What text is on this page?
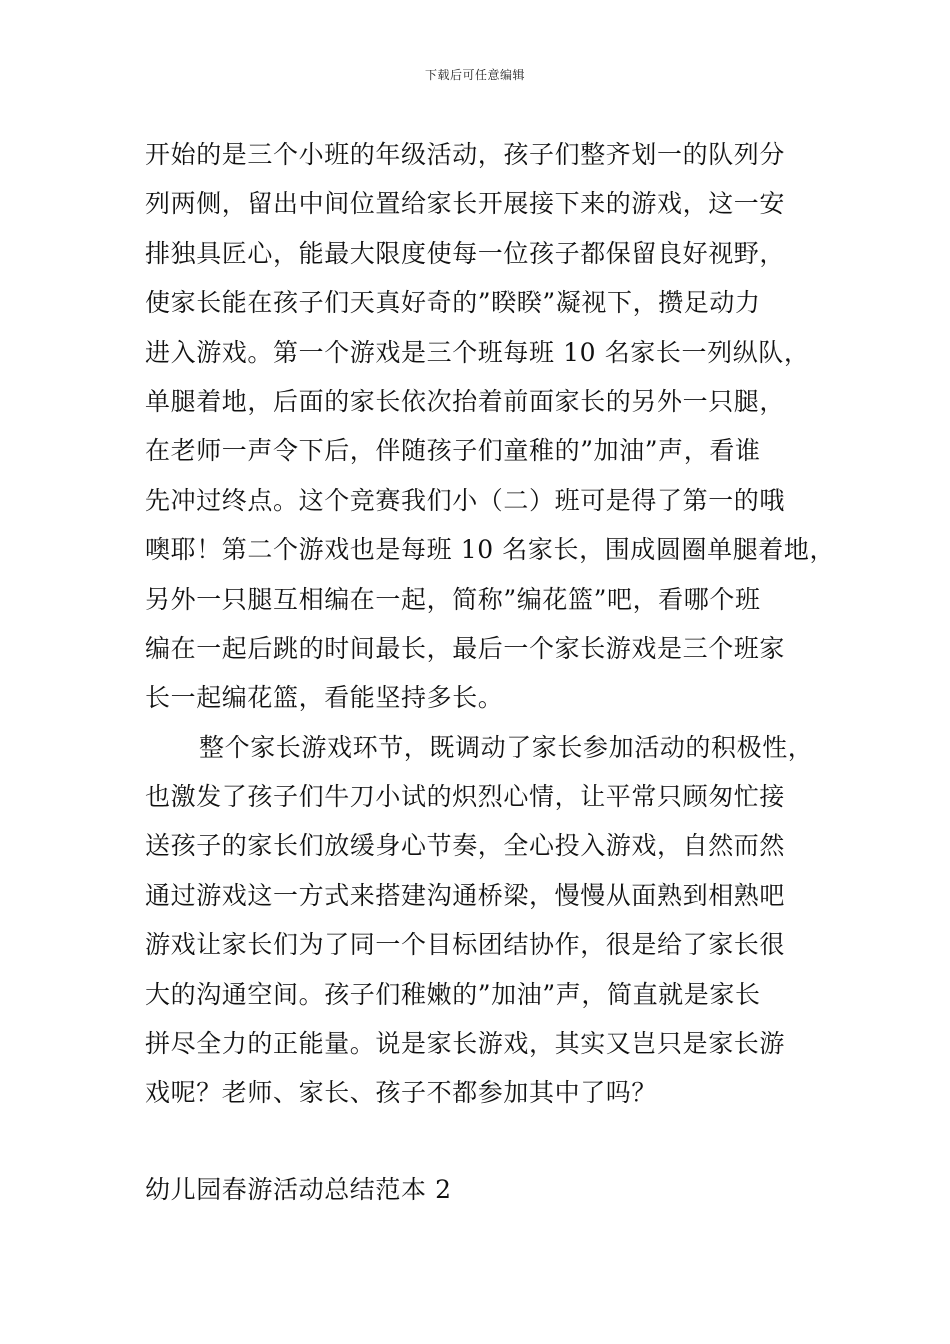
下载后可任意编辑
开始的是三个小班的年级活动，孩子们整齐划一的队列分
列两侧，留出中间位置给家长开展接下来的游戏，这一安
排独具匠心，能最大限度使每一位孩子都保留良好视野，
使家长能在孩子们天真好奇的”睽睽”凝视下，攒足动力
进入游戏。第一个游戏是三个班每班 10 名家长一列纵队，
单腿着地，后面的家长依次抬着前面家长的另外一只腿，
在老师一声令下后，伴随孩子们童稚的”加油”声，看谁
先冲过终点。这个竞赛我们小（二）班可是得了第一的哦
噢耶！第二个游戏也是每班 10 名家长，围成圆圈单腿着地，
另外一只腿互相编在一起，简称”编花篮”吧，看哪个班
编在一起后跳的时间最长，最后一个家长游戏是三个班家
长一起编花篮，看能坚持多长。
整个家长游戏环节，既调动了家长参加活动的积极性，
也激发了孩子们牛刀小试的炽烈心情，让平常只顾匆忙接
送孩子的家长们放缓身心节奏，全心投入游戏，自然而然
通过游戏这一方式来搭建沟通桥梁，慢慢从面熟到相熟吧
游戏让家长们为了同一个目标团结协作，很是给了家长很
大的沟通空间。孩子们稚嫩的”加油”声，简直就是家长
拼尽全力的正能量。说是家长游戏，其实又岂只是家长游
戏呢？老师、家长、孩子不都参加其中了吗？
幼儿园春游活动总结范本 2
